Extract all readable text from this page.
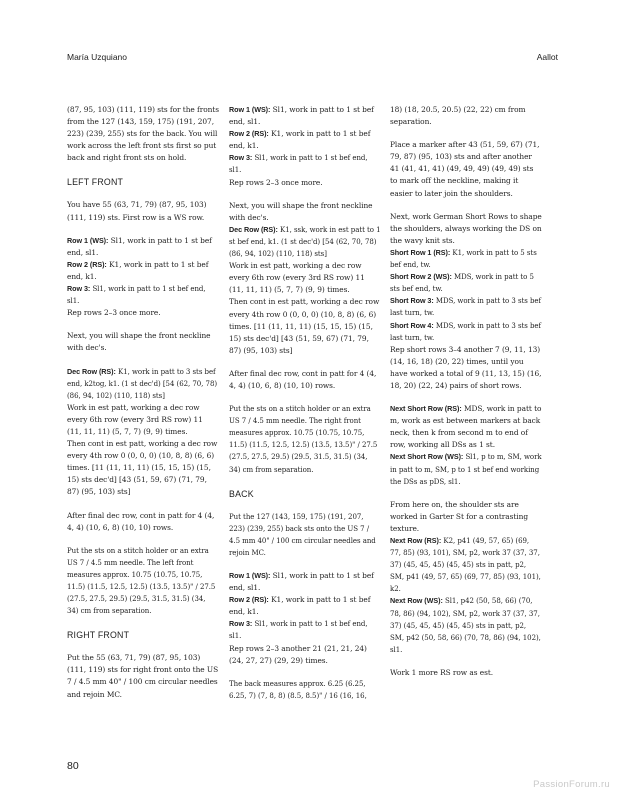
María Uzquiano	Aallot

(87, 95, 103) (111, 119) sts for the fronts from the 127 (143, 159, 175) (191, 207, 223) (239, 255) sts for the back. You will work across the left front sts first so put back and right front sts on hold.

LEFT FRONT

You have 55 (63, 71, 79) (87, 95, 103) (111, 119) sts. First row is a WS row.

Row 1 (WS): Sl1, work in patt to 1 st bef end, sl1.

Row 2 (RS): K1, work in patt to 1 st bef end, k1.

Row 3: Sl1, work in patt to 1 st bef end, sl1.

Rep rows 2–3 once more.

Next, you will shape the front neckline with dec's.

Dec Row (RS): K1, work in patt to 3 sts bef end, k2tog, k1. (1 st dec'd) [54 (62, 70, 78) (86, 94, 102) (110, 118) sts]

Work in est patt, working a dec row every 6th row (every 3rd RS row) 11 (11, 11, 11) (5, 7, 7) (9, 9) times.

Then cont in est patt, working a dec row every 4th row 0 (0, 0, 0) (10, 8, 8) (6, 6) times. [11 (11, 11, 11) (15, 15, 15) (15, 15) sts dec'd] [43 (51, 59, 67) (71, 79, 87) (95, 103) sts]

After final dec row, cont in patt for 4 (4, 4, 4) (10, 6, 8) (10, 10) rows.

Put the sts on a stitch holder or an extra US 7 / 4.5 mm needle. The left front measures approx. 10.75 (10.75, 10.75, 11.5) (11.5, 12.5, 12.5) (13.5, 13.5)" / 27.5 (27.5, 27.5, 29.5) (29.5, 31.5, 31.5) (34, 34) cm from separation.

RIGHT FRONT

Put the 55 (63, 71, 79) (87, 95, 103) (111, 119) sts for right front onto the US 7 / 4.5 mm 40" / 100 cm circular needles and rejoin MC.

Row 1 (WS): Sl1, work in patt to 1 st bef end, sl1.

Row 2 (RS): K1, work in patt to 1 st bef end, k1.

Row 3: Sl1, work in patt to 1 st bef end, sl1.

Rep rows 2–3 once more.

Next, you will shape the front neckline with dec's.

Dec Row (RS): K1, ssk, work in est patt to 1 st bef end, k1. (1 st dec'd) [54 (62, 70, 78) (86, 94, 102) (110, 118) sts]

Work in est patt, working a dec row every 6th row (every 3rd RS row) 11 (11, 11, 11) (5, 7, 7) (9, 9) times.

Then cont in est patt, working a dec row every 4th row 0 (0, 0, 0) (10, 8, 8) (6, 6) times. [11 (11, 11, 11) (15, 15, 15) (15, 15) sts dec'd] [43 (51, 59, 67) (71, 79, 87) (95, 103) sts]

After final dec row, cont in patt for 4 (4, 4, 4) (10, 6, 8) (10, 10) rows.

Put the sts on a stitch holder or an extra US 7 / 4.5 mm needle. The right front measures approx. 10.75 (10.75, 10.75, 11.5) (11.5, 12.5, 12.5) (13.5, 13.5)" / 27.5 (27.5, 27.5, 29.5) (29.5, 31.5, 31.5) (34, 34) cm from separation.

BACK

Put the 127 (143, 159, 175) (191, 207, 223) (239, 255) back sts onto the US 7 / 4.5 mm 40" / 100 cm circular needles and rejoin MC.

Row 1 (WS): Sl1, work in patt to 1 st bef end, sl1.

Row 2 (RS): K1, work in patt to 1 st bef end, k1.

Row 3: Sl1, work in patt to 1 st bef end, sl1.

Rep rows 2–3 another 21 (21, 21, 24) (24, 27, 27) (29, 29) times.

The back measures approx. 6.25 (6.25, 6.25, 7) (7, 8, 8) (8.5, 8.5)" / 16 (16, 16,

18) (18, 20.5, 20.5) (22, 22) cm from separation.

Place a marker after 43 (51, 59, 67) (71, 79, 87) (95, 103) sts and after another 41 (41, 41, 41) (49, 49, 49) (49, 49) sts to mark off the neckline, making it easier to later join the shoulders.

Next, work German Short Rows to shape the shoulders, always working the DS on the wavy knit sts.

Short Row 1 (RS): K1, work in patt to 5 sts bef end, tw.

Short Row 2 (WS): MDS, work in patt to 5 sts bef end, tw.

Short Row 3: MDS, work in patt to 3 sts bef last turn, tw.

Short Row 4: MDS, work in patt to 3 sts bef last turn, tw.

Rep short rows 3–4 another 7 (9, 11, 13) (14, 16, 18) (20, 22) times, until you have worked a total of 9 (11, 13, 15) (16, 18, 20) (22, 24) pairs of short rows.

Next Short Row (RS): MDS, work in patt to m, work as est between markers at back neck, then k from second m to end of row, working all DSs as 1 st.

Next Short Row (WS): Sl1, p to m, SM, work in patt to m, SM, p to 1 st bef end working the DSs as pDS, sl1.

From here on, the shoulder sts are worked in Garter St for a contrasting texture.

Next Row (RS): K2, p41 (49, 57, 65) (69, 77, 85) (93, 101), SM, p2, work 37 (37, 37, 37) (45, 45, 45) (45, 45) sts in patt, p2, SM, p41 (49, 57, 65) (69, 77, 85) (93, 101), k2.

Next Row (WS): Sl1, p42 (50, 58, 66) (70, 78, 86) (94, 102), SM, p2, work 37 (37, 37, 37) (45, 45, 45) (45, 45) sts in patt, p2, SM, p42 (50, 58, 66) (70, 78, 86) (94, 102), sl1.

Work 1 more RS row as est.

80
PassionForum.ru
